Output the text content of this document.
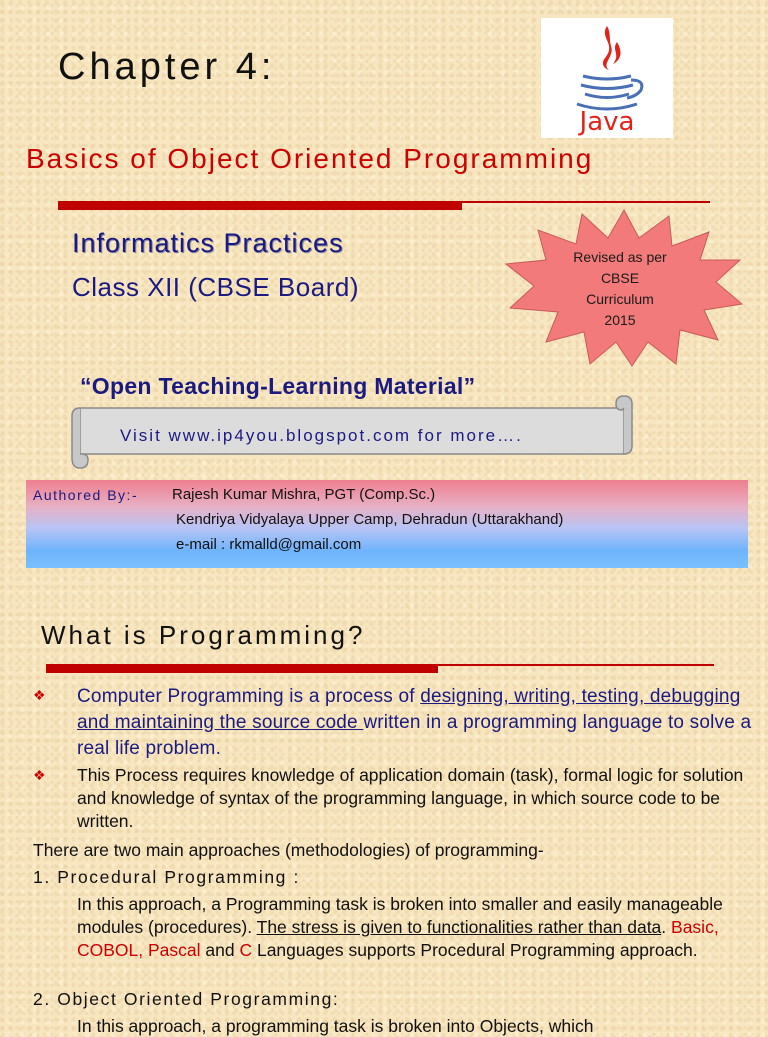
Chapter 4:
Java
Basics of Object Oriented Programming
Informatics Practices
Class XII (CBSE Board)
Revised as per
CBSE
Curriculum
2015
“Open Teaching-Learning Material”
Visit www.ip4you.blogspot.com for more….
Authored By:- Rajesh Kumar Mishra, PGT (Comp.Sc.)
Kendriya Vidyalaya Upper Camp, Dehradun (Uttarakhand)
e-mail : rkmalld@gmail.com
What is Programming?
❖ Computer Programming is a process of designing, writing, testing, debugging and maintaining the source code written in a programming language to solve a real life problem.
❖ This Process requires knowledge of application domain (task), formal logic for solution and knowledge of syntax of the programming language, in which source code to be written.
There are two main approaches (methodologies) of programming-
1. Procedural Programming :
In this approach, a Programming task is broken into smaller and easily manageable modules (procedures). The stress is given to functionalities rather than data. Basic, COBOL, Pascal and C Languages supports Procedural Programming approach.
2. Object Oriented Programming:
In this approach, a programming task is broken into Objects, which
